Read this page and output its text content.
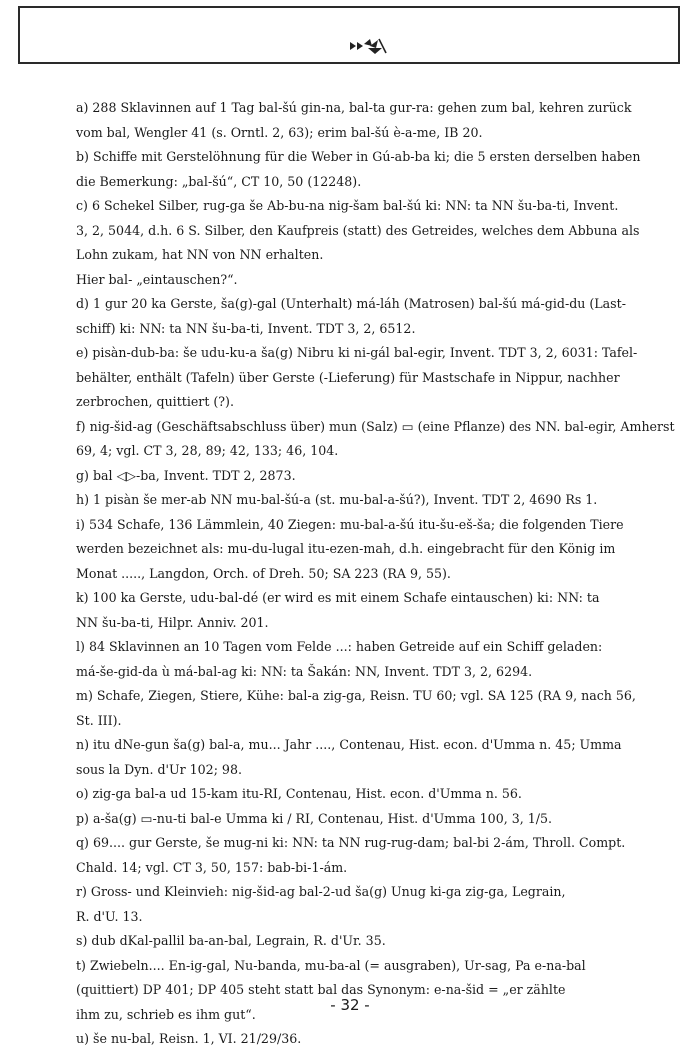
a) 288 Sklavinnen auf 1 Tag bal-šú gin-na, bal-ta gur-ra: gehen zum bal, kehren zurück

vom bal, Wengler 41 (s. Orntl. 2, 63); erim bal-šú è-a-me, IB 20.

b) Schiffe mit Gerstelöhnung für die Weber in Gú-ab-ba ki; die 5 ersten derselben haben

die Bemerkung: „bal-šú“, CT 10, 50 (12248).

c) 6 Schekel Silber, rug-ga še Ab-bu-na nig-šam bal-šú ki: NN: ta NN šu-ba-ti, Invent.

3, 2, 5044, d.h. 6 S. Silber, den Kaufpreis (statt) des Getreides, welches dem Abbuna als

Lohn zukam, hat NN von NN erhalten.

Hier bal- „eintauschen?“.

d) 1 gur 20 ka Gerste, ša(g)-gal (Unterhalt) má-láh (Matrosen) bal-šú má-gid-du (Last-

schiff) ki: NN: ta NN šu-ba-ti, Invent. TDT 3, 2, 6512.

e) pisàn-dub-ba: še udu-ku-a ša(g) Nibru ki ni-gál bal-egir, Invent. TDT 3, 2, 6031: Tafel-

behälter, enthält (Tafeln) über Gerste (-Lieferung) für Mastschafe in Nippur, nachher

zerbrochen, quittiert (?).

f) nig-šid-ag (Geschäftsabschluss über) mun (Salz) ▭ (eine Pflanze) des NN. bal-egir, Amherst

69, 4; vgl. CT 3, 28, 89; 42, 133; 46, 104.

g) bal ◁▷-ba, Invent. TDT 2, 2873.

h) 1 pisàn še mer-ab NN mu-bal-šú-a (st. mu-bal-a-šú?), Invent. TDT 2, 4690 Rs 1.

i) 534 Schafe, 136 Lämmlein, 40 Ziegen: mu-bal-a-šú itu-šu-eš-ša; die folgenden Tiere

werden bezeichnet als: mu-du-lugal itu-ezen-mah, d.h. eingebracht für den König im

Monat ....., Langdon, Orch. of Dreh. 50; SA 223 (RA 9, 55).

k) 100 ka Gerste, udu-bal-dé (er wird es mit einem Schafe eintauschen) ki: NN: ta

NN šu-ba-ti, Hilpr. Anniv. 201.

l) 84 Sklavinnen an 10 Tagen vom Felde ...: haben Getreide auf ein Schiff geladen:

má-še-gid-da ù má-bal-ag ki: NN: ta Šakán: NN, Invent. TDT 3, 2, 6294.

m) Schafe, Ziegen, Stiere, Kühe: bal-a zig-ga, Reisn. TU 60; vgl. SA 125 (RA 9, nach 56,

St. III).

n) itu dNe-gun ša(g) bal-a, mu... Jahr ...., Contenau, Hist. econ. d'Umma n. 45; Umma

sous la Dyn. d'Ur 102; 98.

o) zig-ga bal-a ud 15-kam itu-RI, Contenau, Hist. econ. d'Umma n. 56.

p) a-ša(g) ▭-nu-ti bal-e Umma ki / RI, Contenau, Hist. d'Umma 100, 3, 1/5.

q) 69.... gur Gerste, še mug-ni ki: NN: ta NN rug-rug-dam; bal-bi 2-ám, Throll. Compt.

Chald. 14; vgl. CT 3, 50, 157: bab-bi-1-ám.

r) Gross- und Kleinvieh: nig-šid-ag bal-2-ud ša(g) Unug ki-ga zig-ga, Legrain,

R. d'U. 13.

s) dub dKal-pallil ba-an-bal, Legrain, R. d'Ur. 35.

t) Zwiebeln.... En-ig-gal, Nu-banda, mu-ba-al (= ausgraben), Ur-sag, Pa e-na-bal

(quittiert) DP 401; DP 405 steht statt bal das Synonym: e-na-šid = „er zählte

ihm zu, schrieb es ihm gut“.

u) še nu-bal, Reisn. 1, VI. 21/29/36.

- 32 -
